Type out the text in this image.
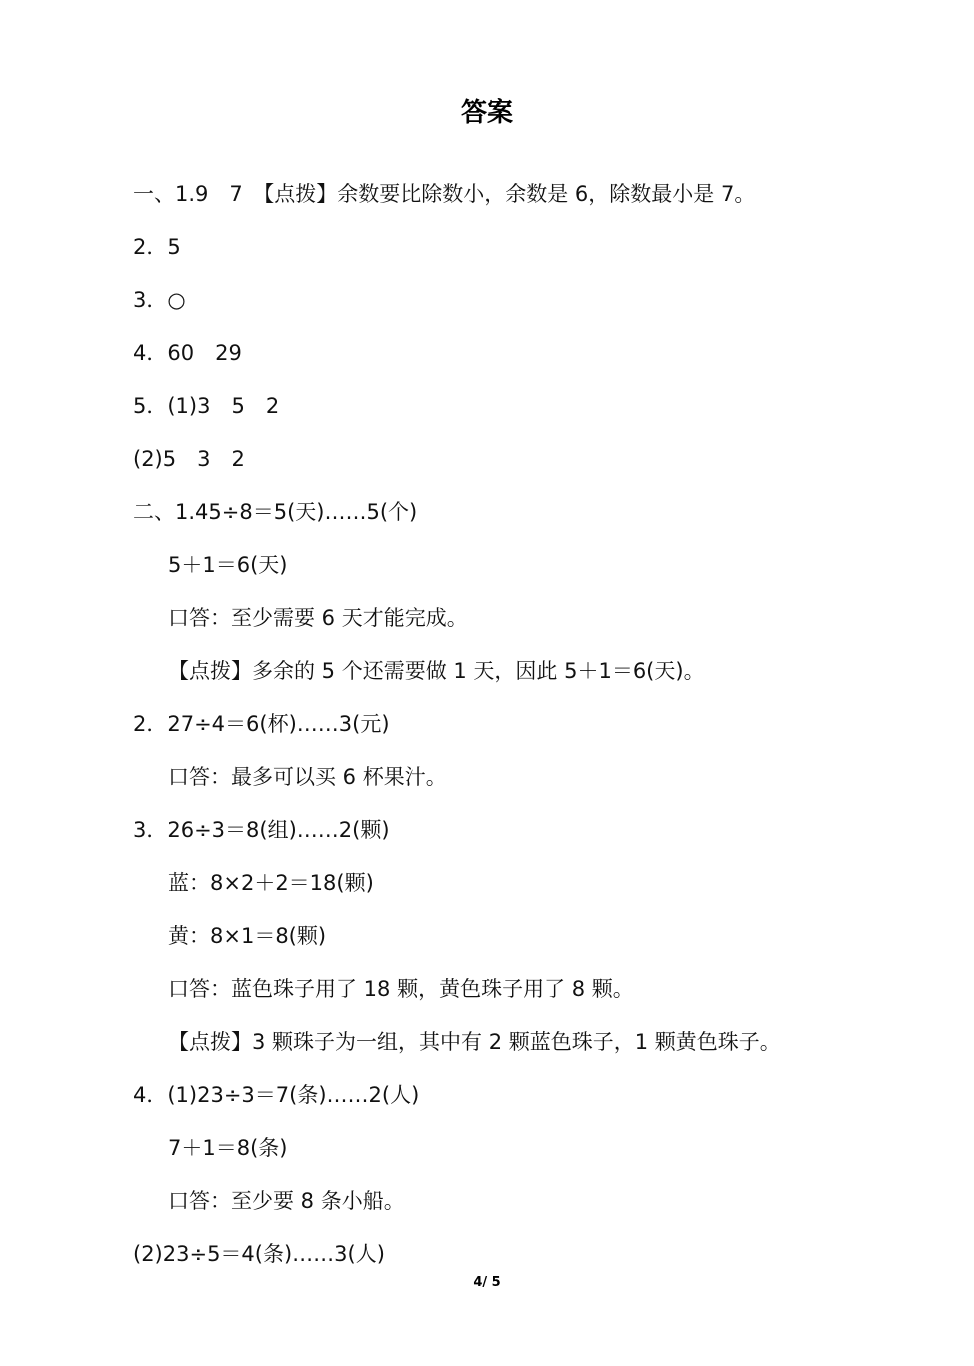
答案
一、1.9　7　【点拨】余数要比除数小，余数是 6，除数最小是 7。
2．5
3．○
4．60　29
5．(1)3　5　2
(2)5　3　2
二、1.45÷8＝5(天)……5(个)
5＋1＝6(天)
口答：至少需要 6 天才能完成。
【点拨】多余的 5 个还需要做 1 天，因此 5＋1＝6(天)。
2．27÷4＝6(杯)……3(元)
口答：最多可以买 6 杯果汁。
3．26÷3＝8(组)……2(颗)
蓝：8×2＋2＝18(颗)
黄：8×1＝8(颗)
口答：蓝色珠子用了 18 颗，黄色珠子用了 8 颗。
【点拨】3 颗珠子为一组，其中有 2 颗蓝色珠子，1 颗黄色珠子。
4．(1)23÷3＝7(条)……2(人)
7＋1＝8(条)
口答：至少要 8 条小船。
(2)23÷5＝4(条)……3(人)
4/ 5
